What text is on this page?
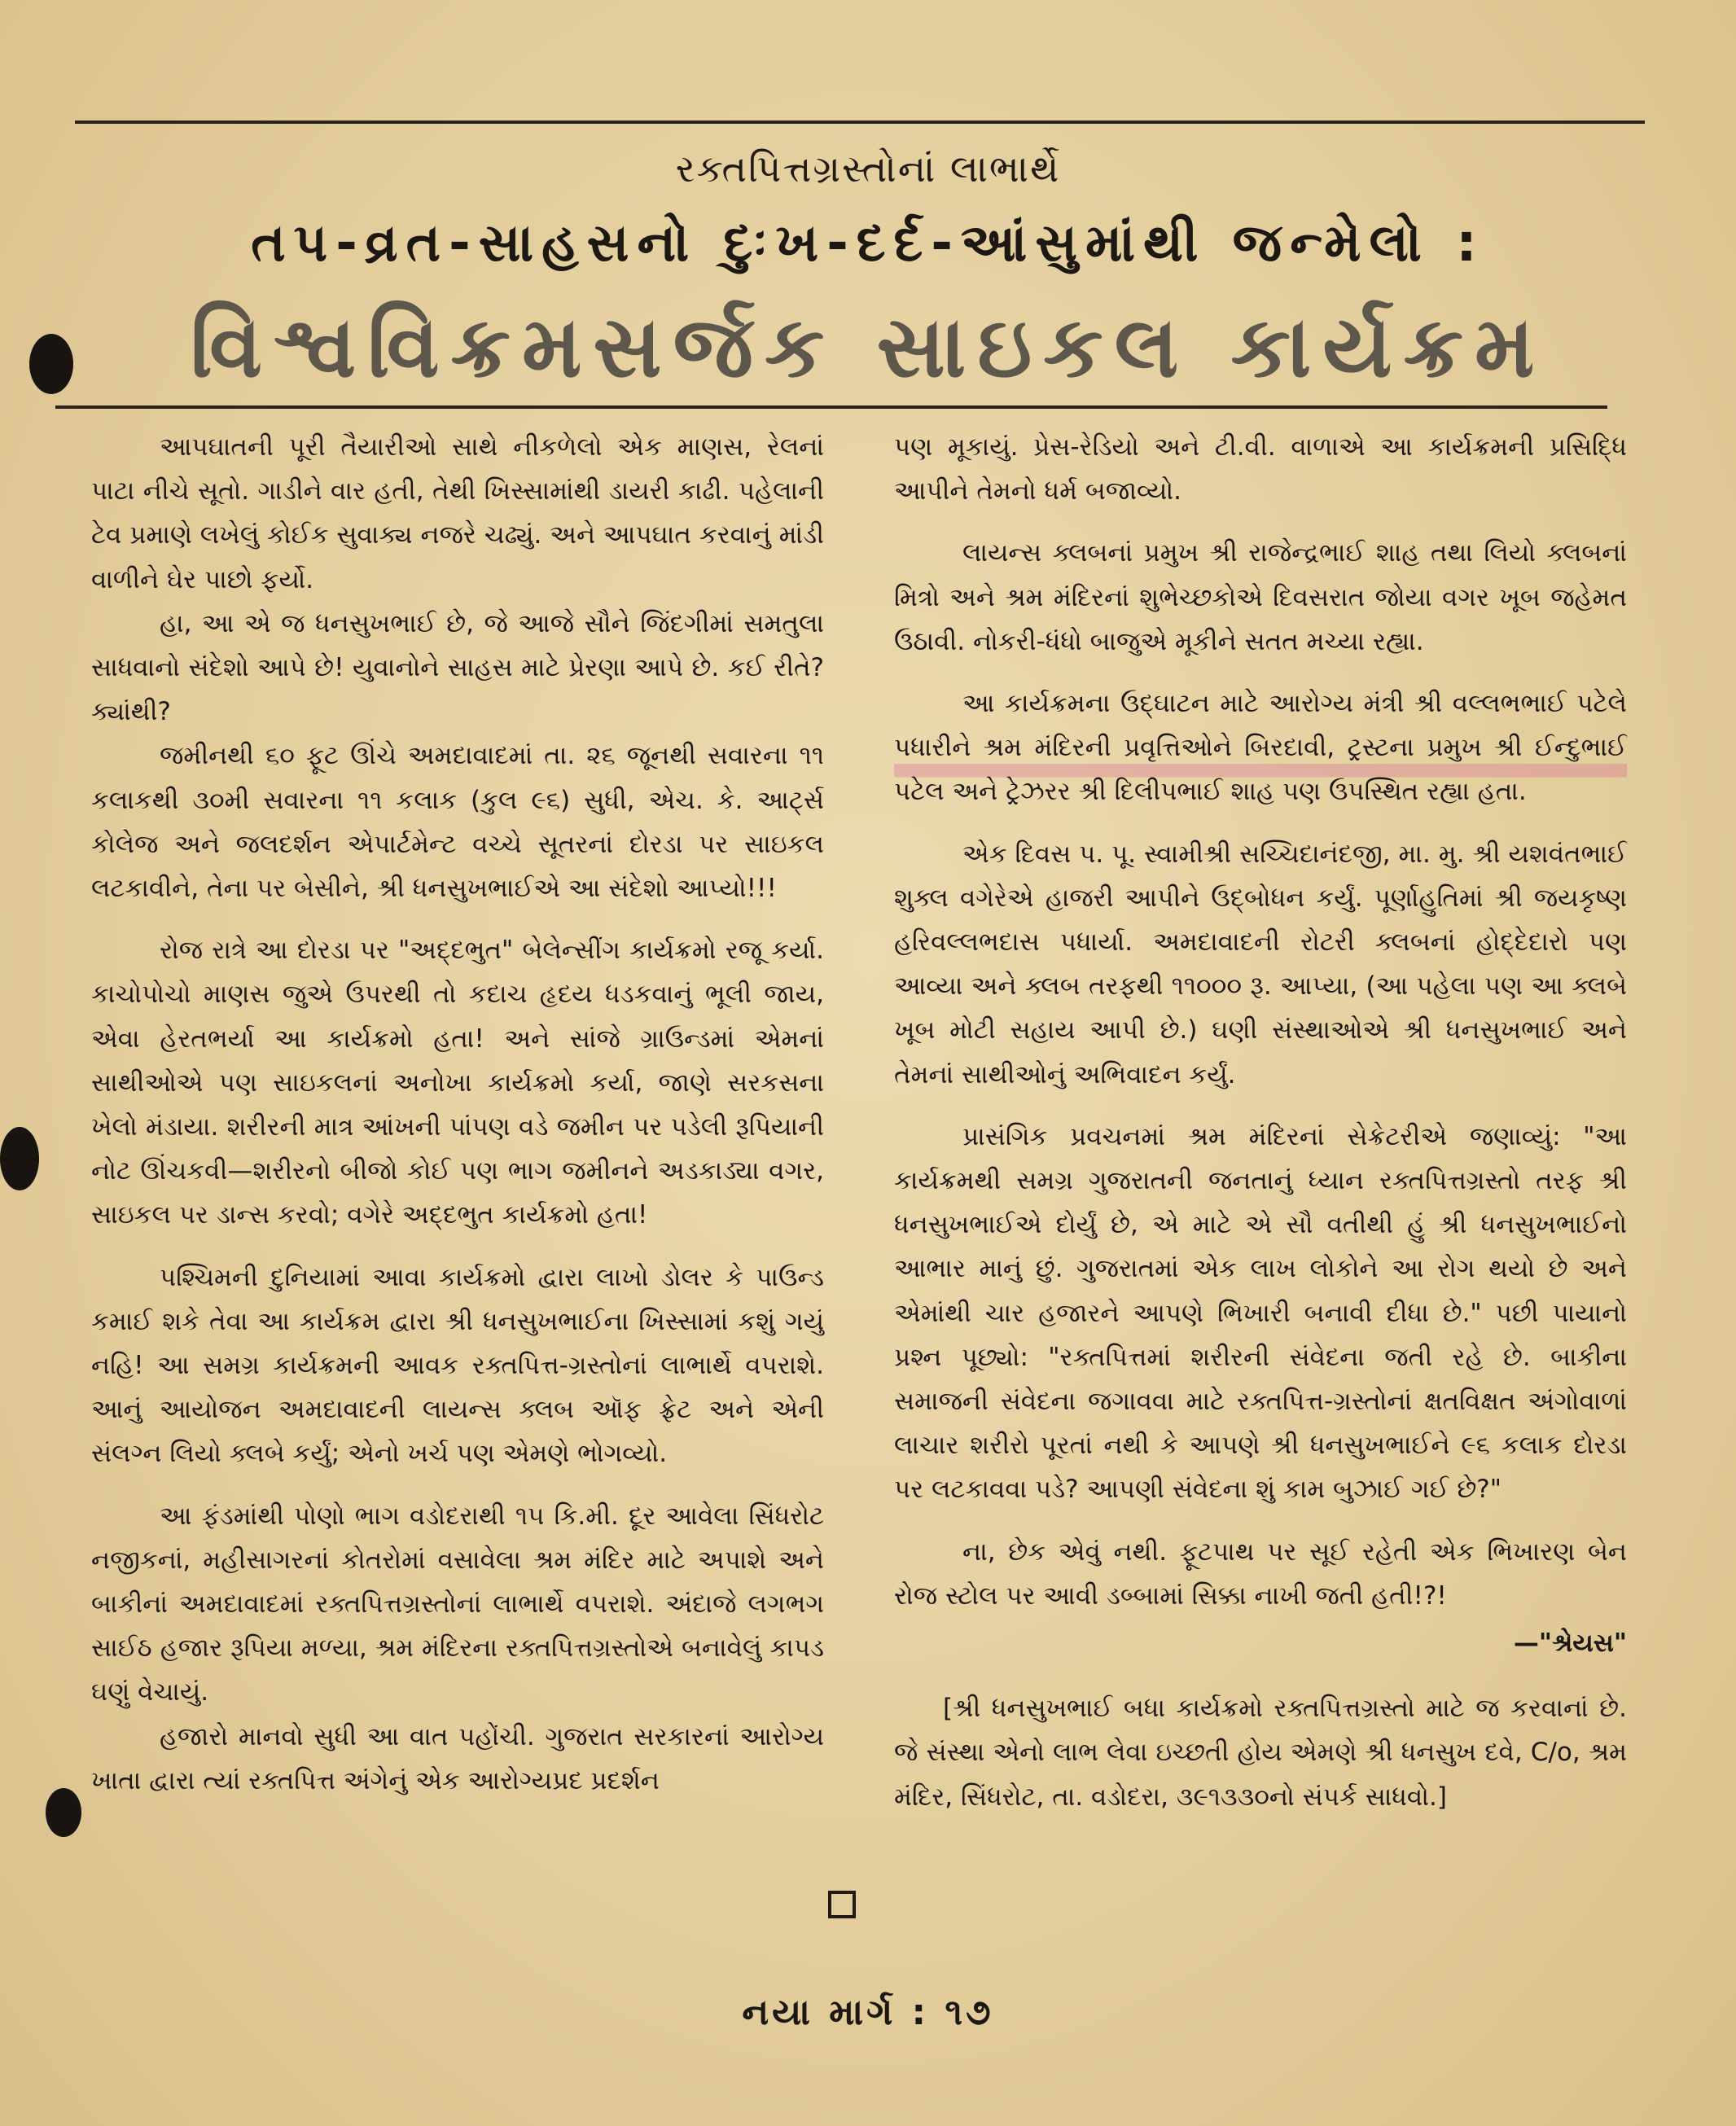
રક્તપિત્તગ્રસ્તોનાં લાભાર્થે
તપ-વ્રત-સાહસનો દુઃખ-દર્દ-આંસુમાંથી જન્મેલો :
વિશ્વવિક્રમસર્જક સાઇકલ કાર્યક્રમ

આપઘાતની પૂરી તૈયારીઓ સાથે નીકળેલો એક માણસ, રેલનાં પાટા નીચે સૂતો. ગાડીને વાર હતી, તેથી ખિસ્સામાંથી ડાયરી કાઢી. પહેલાની ટેવ પ્રમાણે લખેલું કોઈક સુવાક્ય નજરે ચઢ્યું. અને આપઘાત કરવાનું માંડી વાળીને ઘેર પાછો ફર્યો.

હા, આ એ જ ધનસુખભાઈ છે, જે આજે સૌને જિંદગીમાં સમતુલા સાધવાનો સંદેશો આપે છે! યુવાનોને સાહસ માટે પ્રેરણા આપે છે. કઈ રીતે? ક્યાંથી?

જમીનથી ૬૦ ફૂટ ઊંચે અમદાવાદમાં તા. ૨૬ જૂનથી સવારના ૧૧ કલાકથી ૩૦મી સવારના ૧૧ કલાક (કુલ ૯૬) સુધી, એચ. કે. આર્ટ્સ કોલેજ અને જલદર્શન એપાર્ટમેન્ટ વચ્ચે સૂતરનાં દોરડા પર સાઇકલ લટકાવીને, તેના પર બેસીને, શ્રી ધનસુખભાઈએ આ સંદેશો આપ્યો!!!

રોજ રાત્રે આ દોરડા પર "અદ્દભુત" બેલેન્સીંગ કાર્યક્રમો રજૂ કર્યા. કાચોપોચો માણસ જુએ ઉપરથી તો કદાચ હૃદય ધડકવાનું ભૂલી જાય, એવા હેરતભર્યા આ કાર્યક્રમો હતા! અને સાંજે ગ્રાઉન્ડમાં એમનાં સાથીઓએ પણ સાઇકલનાં અનોખા કાર્યક્રમો કર્યા, જાણે સરકસના ખેલો મંડાયા. શરીરની માત્ર આંખની પાંપણ વડે જમીન પર પડેલી રૂપિયાની નોટ ઊંચકવી—શરીરનો બીજો કોઈ પણ ભાગ જમીનને અડકાડ્યા વગર, સાઇકલ પર ડાન્સ કરવો; વગેરે અદ્દભુત કાર્યક્રમો હતા!

પશ્ચિમની દુનિયામાં આવા કાર્યક્રમો દ્વારા લાખો ડોલર કે પાઉન્ડ કમાઈ શકે તેવા આ કાર્યક્રમ દ્વારા શ્રી ધનસુખભાઈના ખિસ્સામાં કશું ગયું નહિ! આ સમગ્ર કાર્યક્રમની આવક રક્તપિત્ત-ગ્રસ્તોનાં લાભાર્થે વપરાશે. આનું આયોજન અમદાવાદની લાયન્સ ક્લબ ઑફ ફ્રેટ અને એની સંલગ્ન લિયો ક્લબે કર્યું; એનો ખર્ચ પણ એમણે ભોગવ્યો.

આ ફંડમાંથી પોણો ભાગ વડોદરાથી ૧૫ કિ.મી. દૂર આવેલા સિંધરોટ નજીકનાં, મહીસાગરનાં કોતરોમાં વસાવેલા શ્રમ મંદિર માટે અપાશે અને બાકીનાં અમદાવાદમાં રક્તપિત્તગ્રસ્તોનાં લાભાર્થે વપરાશે. અંદાજે લગભગ સાઈઠ હજાર રૂપિયા મળ્યા, શ્રમ મંદિરના રક્તપિત્તગ્રસ્તોએ બનાવેલું કાપડ ઘણું વેચાયું.

હજારો માનવો સુધી આ વાત પહોંચી. ગુજરાત સરકારનાં આરોગ્ય ખાતા દ્વારા ત્યાં રક્તપિત્ત અંગેનું એક આરોગ્યપ્રદ પ્રદર્શન

પણ મૂકાયું. પ્રેસ-રેડિયો અને ટી.વી. વાળાએ આ કાર્યક્રમની પ્રસિદ્ધિ આપીને તેમનો ધર્મ બજાવ્યો.

લાયન્સ ક્લબનાં પ્રમુખ શ્રી રાજેન્દ્રભાઈ શાહ તથા લિયો ક્લબનાં મિત્રો અને શ્રમ મંદિરનાં શુભેચ્છકોએ દિવસરાત જોયા વગર ખૂબ જહેમત ઉઠાવી. નોકરી-ધંધો બાજુએ મૂકીને સતત મચ્યા રહ્યા.

આ કાર્યક્રમના ઉદ્ઘાટન માટે આરોગ્ય મંત્રી શ્રી વલ્લભભાઈ પટેલે પધારીને શ્રમ મંદિરની પ્રવૃત્તિઓને બિરદાવી, ટ્રસ્ટના પ્રમુખ શ્રી ઈન્દુભાઈ પટેલ અને ટ્રેઝરર શ્રી દિલીપભાઈ શાહ પણ ઉપસ્થિત રહ્યા હતા.

એક દિવસ પ. પૂ. સ્વામીશ્રી સચ્ચિદાનંદજી, મા. મુ. શ્રી યશવંતભાઈ શુક્લ વગેરેએ હાજરી આપીને ઉદ્‌બોધન કર્યું. પૂર્ણાહુતિમાં શ્રી જયકૃષ્ણ હરિવલ્લભદાસ પધાર્યા. અમદાવાદની રોટરી ક્લબનાં હોદ્દેદારો પણ આવ્યા અને ક્લબ તરફથી ૧૧૦૦૦ રૂ. આપ્યા, (આ પહેલા પણ આ ક્લબે ખૂબ મોટી સહાય આપી છે.) ઘણી સંસ્થાઓએ શ્રી ધનસુખભાઈ અને તેમનાં સાથીઓનું અભિવાદન કર્યું.

પ્રાસંગિક પ્રવચનમાં શ્રમ મંદિરનાં સેક્રેટરીએ જણાવ્યું: "આ કાર્યક્રમથી સમગ્ર ગુજરાતની જનતાનું ધ્યાન રક્તપિત્તગ્રસ્તો તરફ શ્રી ધનસુખભાઈએ દોર્યું છે, એ માટે એ સૌ વતીથી હું શ્રી ધનસુખભાઈનો આભાર માનું છું. ગુજરાતમાં એક લાખ લોકોને આ રોગ થયો છે અને એમાંથી ચાર હજારને આપણે ભિખારી બનાવી દીધા છે." પછી પાયાનો પ્રશ્ન પૂછ્યો: "રક્તપિત્તમાં શરીરની સંવેદના જતી રહે છે. બાકીના સમાજની સંવેદના જગાવવા માટે રક્તપિત્ત-ગ્રસ્તોનાં ક્ષતવિક્ષત અંગોવાળાં લાચાર શરીરો પૂરતાં નથી કે આપણે શ્રી ધનસુખભાઈને ૯૬ કલાક દોરડા પર લટકાવવા પડે? આપણી સંવેદના શું કામ બુઝાઈ ગઈ છે?"

ના, છેક એવું નથી. ફૂટપાથ પર સૂઈ રહેતી એક ભિખારણ બેન રોજ સ્ટોલ પર આવી ડબ્બામાં સિક્કા નાખી જતી હતી!?!

—"શ્રેયસ"

[શ્રી ધનસુખભાઈ બધા કાર્યક્રમો રક્તપિત્તગ્રસ્તો માટે જ કરવાનાં છે. જે સંસ્થા એનો લાભ લેવા ઇચ્છતી હોય એમણે શ્રી ધનસુખ દવે, C/o, શ્રમ મંદિર, સિંધરોટ, તા. વડોદરા, ૩૯૧૩૩૦નો સંપર્ક સાધવો.]

નયા માર્ગ : ૧૭
